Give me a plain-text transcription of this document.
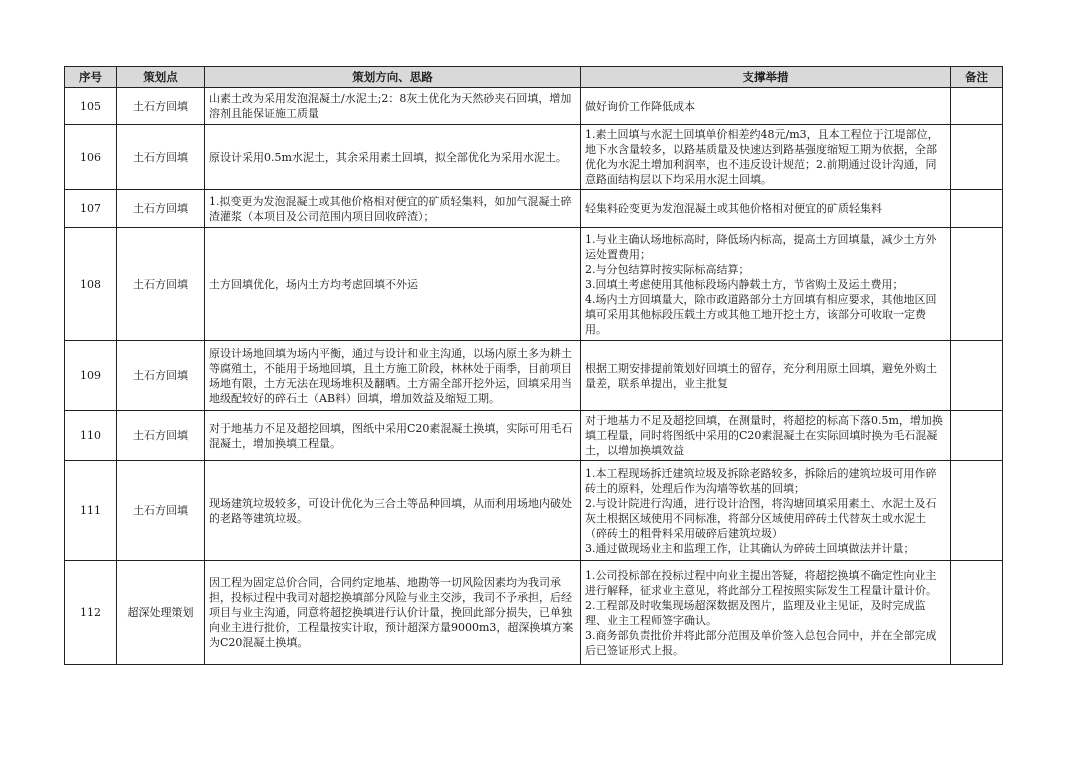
序号	策划点	策划方向、思路	支撑举措	备注
105	土石方回填	山素土改为采用发泡混凝土/水泥土;2：8灰土优化为天然砂夹石回填，增加溶剂且能保证施工质量	做好询价工作降低成本	

106	土石方回填	原设计采用0.5m水泥土，其余采用素土回填，拟全部优化为采用水泥土。	1.素土回填与水泥土回填单价相差约48元/m3，且本工程位于江堤部位，地下水含量较多，以路基质量及快速达到路基强度缩短工期为依据，全部优化为水泥土增加利润率，也不违反设计规范；2.前期通过设计沟通，同意路面结构层以下均采用水泥土回填。	

107	土石方回填	1.拟变更为发泡混凝土或其他价格相对便宜的矿质轻集料，如加气混凝土碎渣灌浆（本项目及公司范围内项目回收碎渣）；	轻集料砼变更为发泡混凝土或其他价格相对便宜的矿质轻集料	

108	土石方回填	土方回填优化，场内土方均考虑回填不外运	1.与业主确认场地标高时，降低场内标高，提高土方回填量，减少土方外运处置费用；
2.与分包结算时按实际标高结算；
3.回填土考虑使用其他标段场内静载土方，节省购土及运土费用；
4.场内土方回填量大，除市政道路部分土方回填有相应要求，其他地区回填可采用其他标段压载土方或其他工地开挖土方，该部分可收取一定费用。	

109	土石方回填	原设计场地回填为场内平衡，通过与设计和业主沟通，以场内原土多为耕土等腐殖土，不能用于场地回填，且土方施工阶段，林林处于雨季，目前项目场地有限，土方无法在现场堆积及翻晒。土方需全部开挖外运，回填采用当地级配较好的碎石土（AB料）回填，增加效益及缩短工期。	根据工期安排提前策划好回填土的留存，充分利用原土回填，避免外购土量差，联系单提出，业主批复	

110	土石方回填	对于地基力不足及超挖回填，图纸中采用C20素混凝土换填，实际可用毛石混凝土，增加换填工程量。	对于地基力不足及超挖回填，在测量时，将超挖的标高下落0.5m，增加换填工程量，同时将图纸中采用的C20素混凝土在实际回填时换为毛石混凝土，以增加换填效益	

111	土石方回填	现场建筑垃圾较多，可设计优化为三合土等品种回填，从而利用场地内破处的老路等建筑垃圾。	1.本工程现场拆迁建筑垃圾及拆除老路较多，拆除后的建筑垃圾可用作碎砖土的原料，处理后作为沟墙等软基的回填；
2.与设计院进行沟通，进行设计洽图，将沟塘回填采用素土、水泥土及石灰土根据区域使用不同标准，将部分区域使用碎砖土代替灰土或水泥土（碎砖土的粗骨料采用破碎后建筑垃圾）
3.通过做现场业主和监理工作，让其确认为碎砖土回填做法并计量；	

112	超深处理策划	因工程为固定总价合同，合同约定地基、地勘等一切风险因素均为我司承担，投标过程中我司对超挖换填部分风险与业主交涉，我司不予承担，后经项目与业主沟通，同意将超挖换填进行认价计量，挽回此部分损失，已单独向业主进行批价，工程量按实计取，预计超深方量9000m3，超深换填方案为C20混凝土换填。	1.公司投标部在投标过程中向业主提出答疑，将超挖换填不确定性向业主进行解释，征求业主意见，将此部分工程按照实际发生工程量计量计价。
2.工程部及时收集现场超深数据及图片，监理及业主见证，及时完成监理、业主工程师签字确认。
3.商务部负责批价并将此部分范围及单价签入总包合同中，并在全部完成后已签证形式上报。	
